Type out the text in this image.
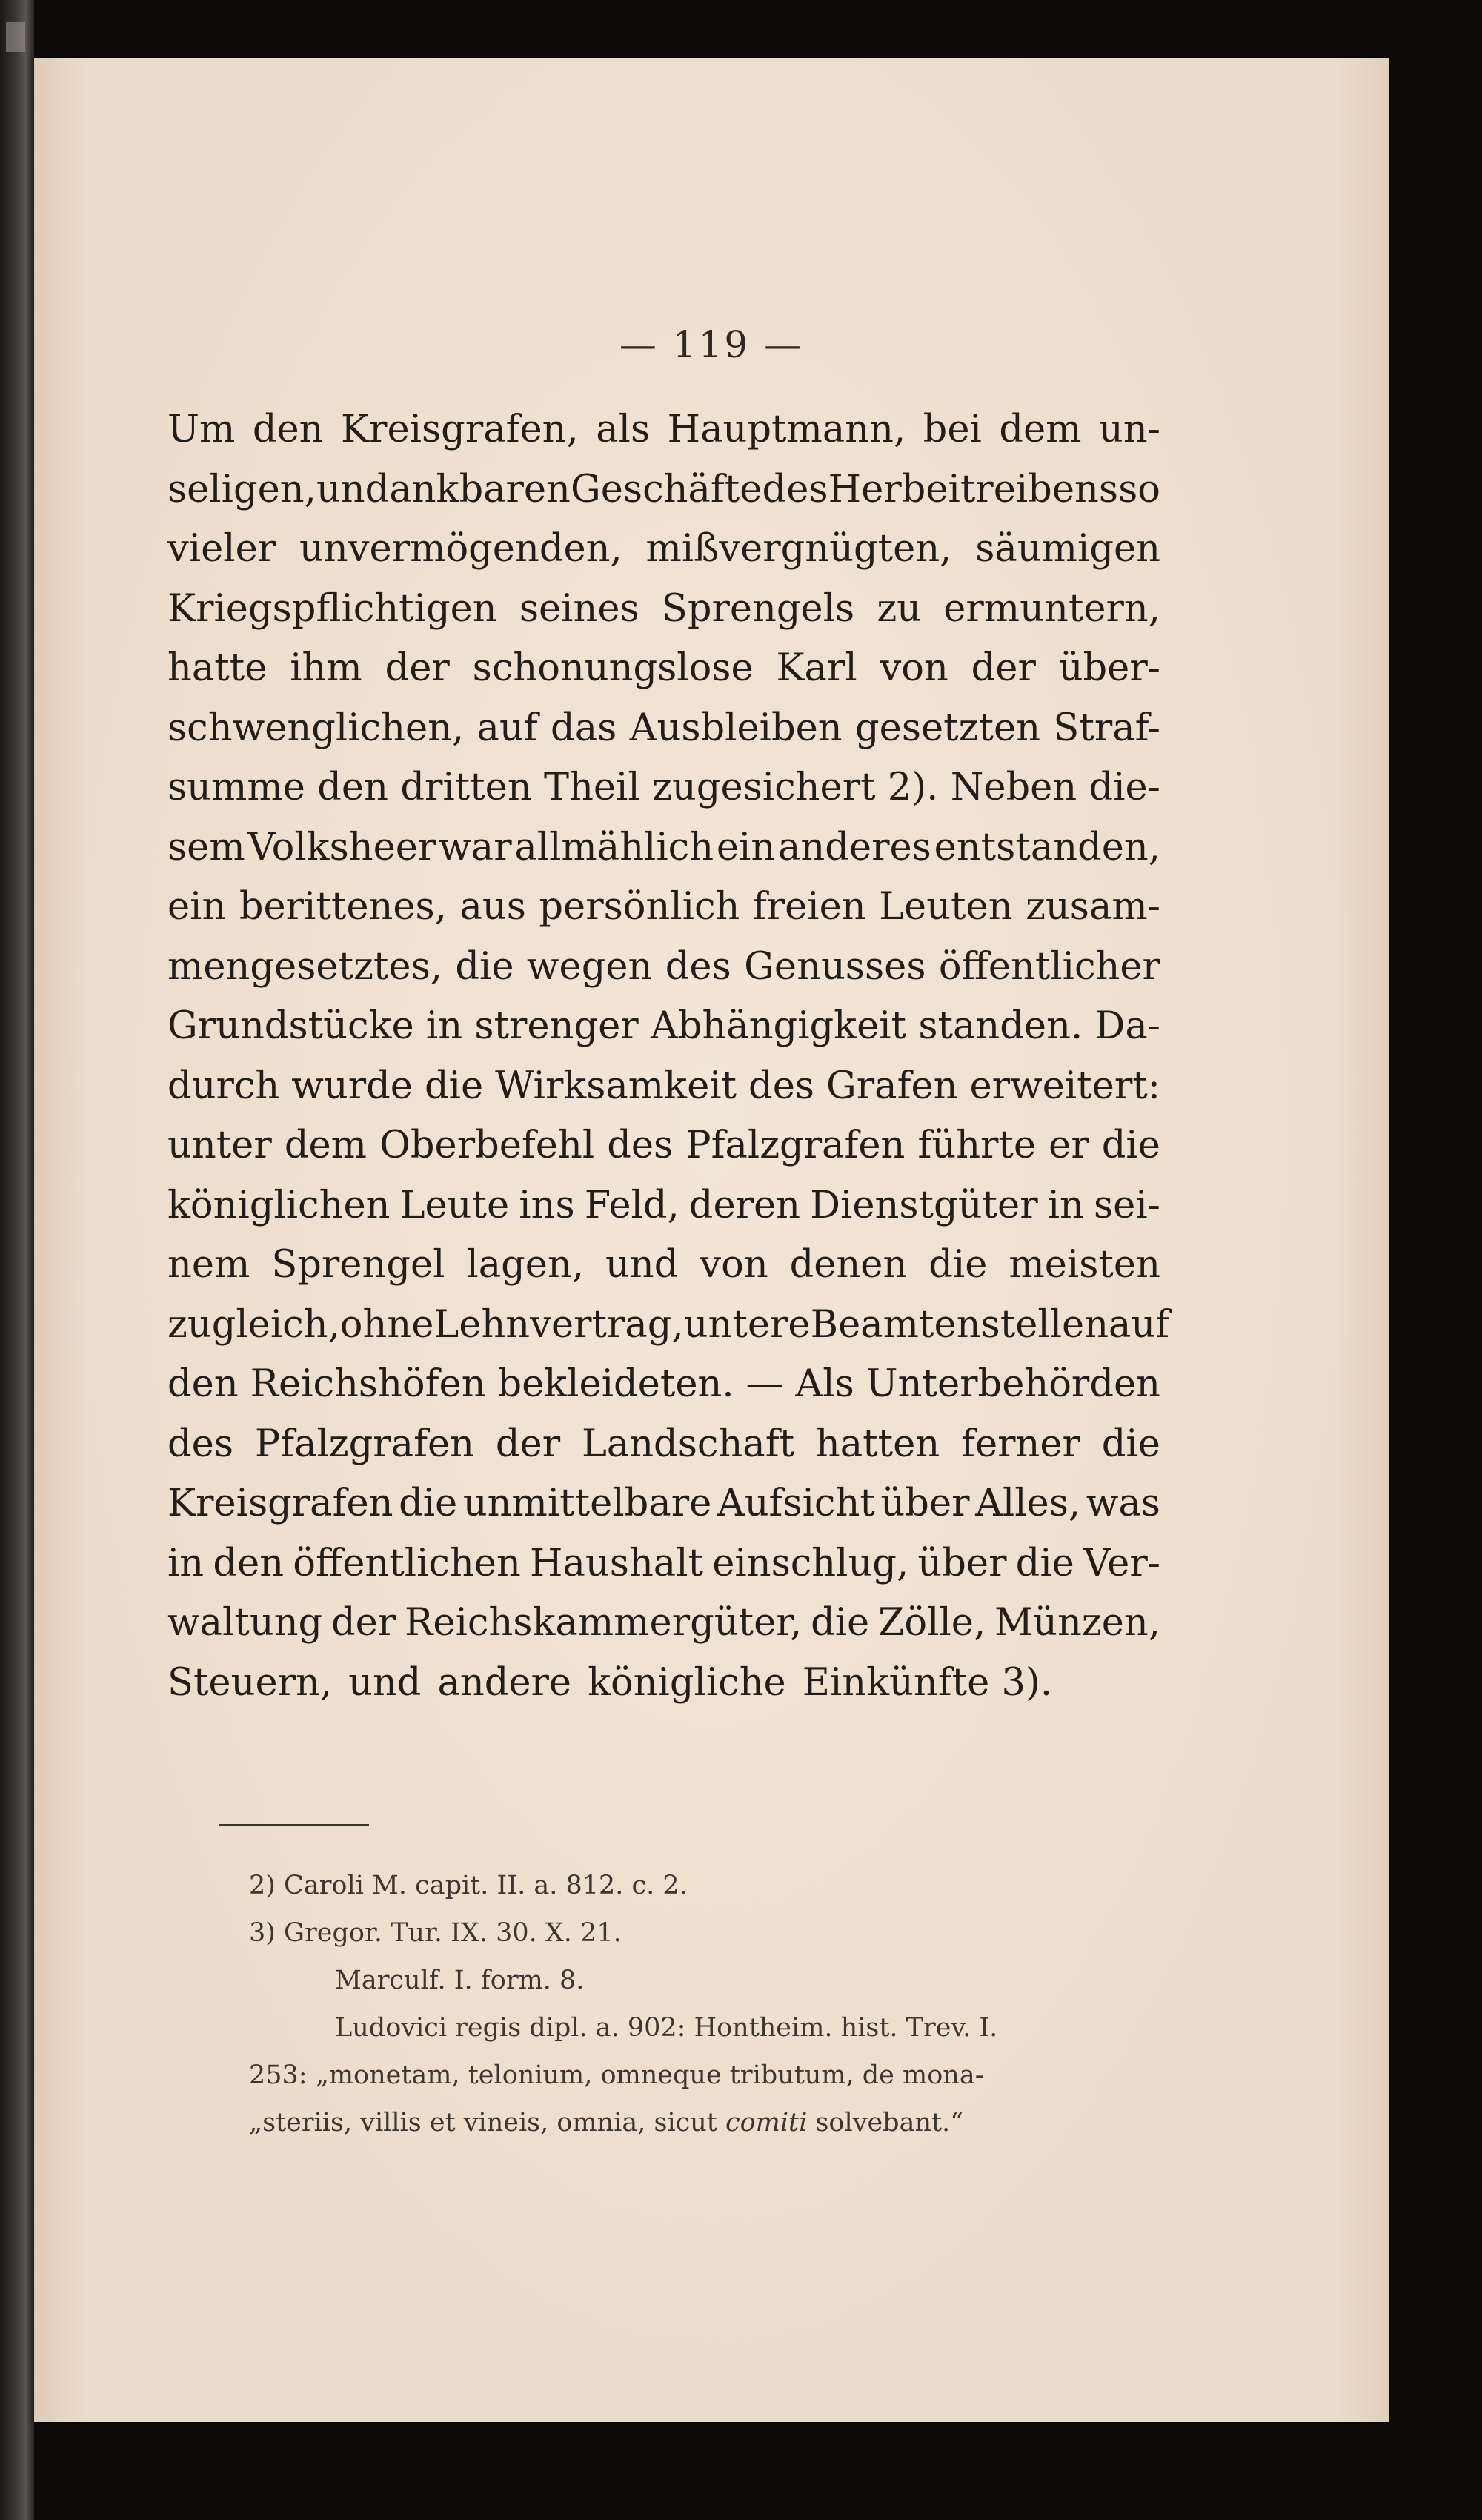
— 119 —
Um den Kreisgrafen, als Hauptmann, bei dem un-
seligen, undankbaren Geschäfte des Herbeitreibens so
vieler unvermögenden, mißvergnügten, säumigen
Kriegspflichtigen seines Sprengels zu ermuntern,
hatte ihm der schonungslose Karl von der über-
schwenglichen, auf das Ausbleiben gesetzten Straf-
summe den dritten Theil zugesichert 2). Neben die-
sem Volksheer war allmählich ein anderes entstanden,
ein berittenes, aus persönlich freien Leuten zusam-
mengesetztes, die wegen des Genusses öffentlicher
Grundstücke in strenger Abhängigkeit standen. Da-
durch wurde die Wirksamkeit des Grafen erweitert:
unter dem Oberbefehl des Pfalzgrafen führte er die
königlichen Leute ins Feld, deren Dienstgüter in sei-
nem Sprengel lagen, und von denen die meisten
zugleich, ohne Lehnvertrag, untere Beamtenstellen auf
den Reichshöfen bekleideten. — Als Unterbehörden
des Pfalzgrafen der Landschaft hatten ferner die
Kreisgrafen die unmittelbare Aufsicht über Alles, was
in den öffentlichen Haushalt einschlug, über die Ver-
waltung der Reichskammergüter, die Zölle, Münzen,
Steuern, und andere königliche Einkünfte 3).
2) Caroli M. capit. II. a. 812. c. 2.
3) Gregor. Tur. IX. 30. X. 21.
Marculf. I. form. 8.
Ludovici regis dipl. a. 902: Hontheim. hist. Trev. I.
253: „monetam, telonium, omneque tributum, de mona-
„steriis, villis et vineis, omnia, sicut comiti solvebant.“
